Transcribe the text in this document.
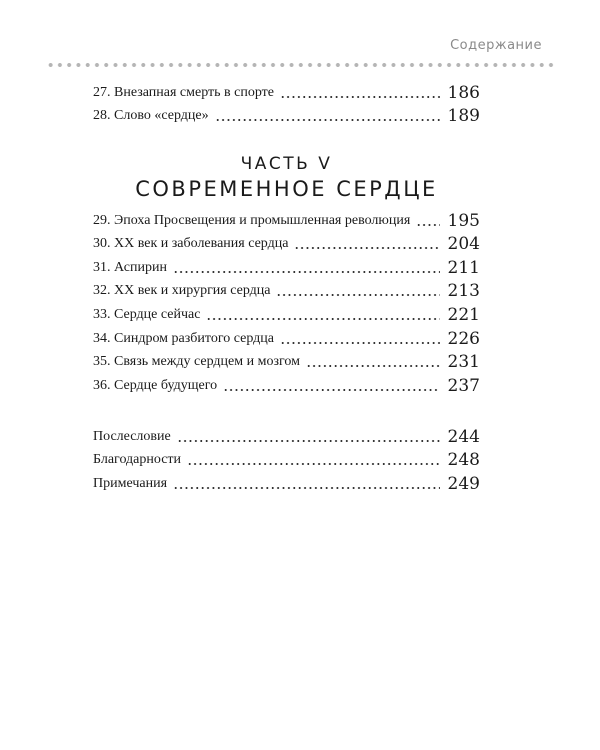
Содержание
27. Внезапная смерть в спорте	186
28. Слово «сердце»	189
ЧАСТЬ V
СОВРЕМЕННОЕ СЕРДЦЕ
29. Эпоха Просвещения и промышленная революция 195
30. XX век и заболевания сердца	204
31. Аспирин	211
32. XX век и хирургия сердца	213
33. Сердце сейчас	221
34. Синдром разбитого сердца	226
35. Связь между сердцем и мозгом	231
36. Сердце будущего	237
Послесловие	244
Благодарности	248
Примечания	249
